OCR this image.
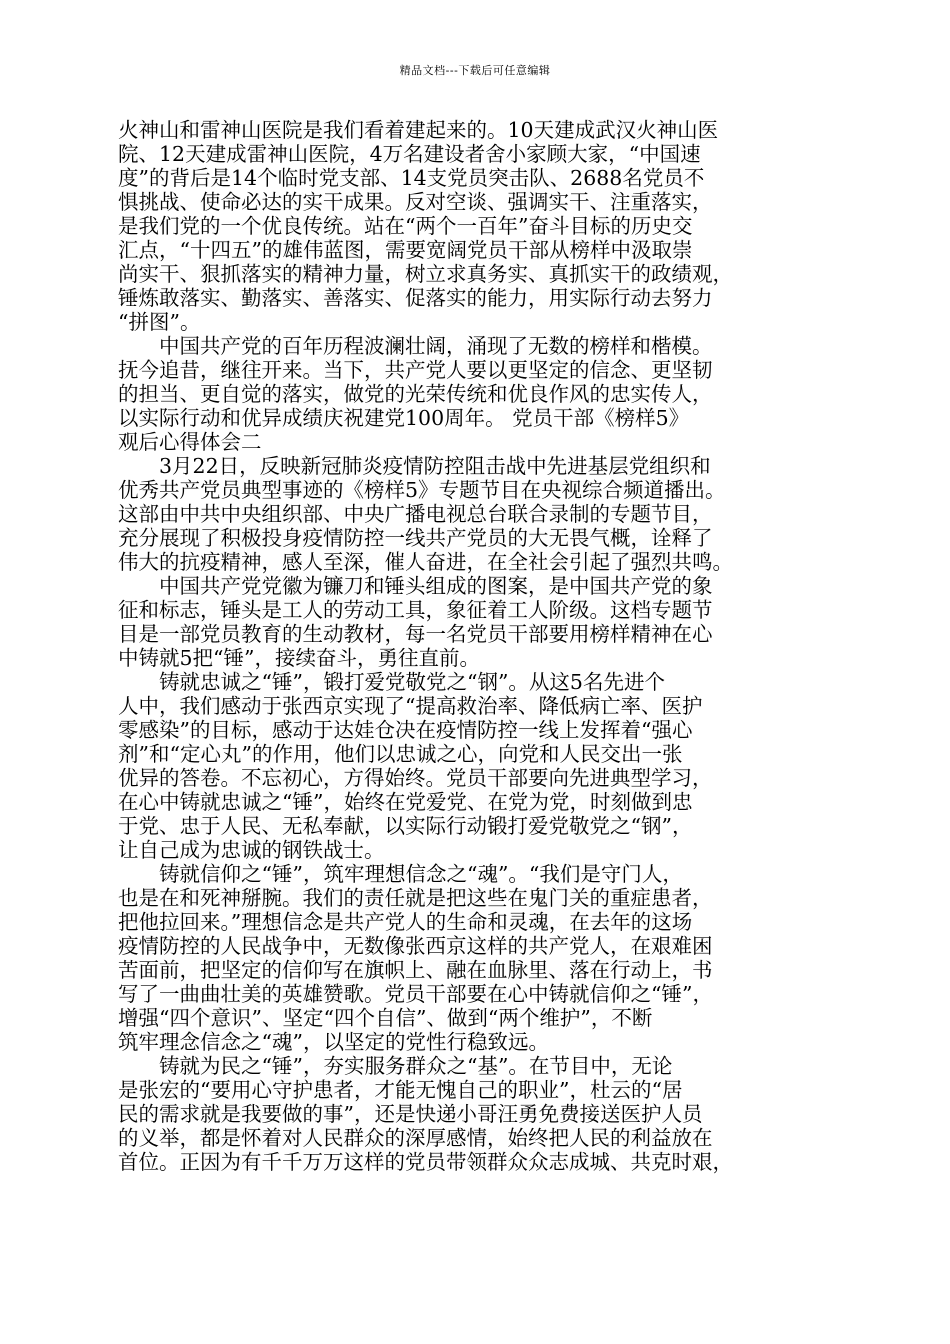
精品文档---下载后可任意编辑
火神山和雷神山医院是我们看着建起来的。10天建成武汉火神山医
院、12天建成雷神山医院，4万名建设者舍小家顾大家，“中国速
度”的背后是14个临时党支部、14支党员突击队、2688名党员不
惧挑战、使命必达的实干成果。反对空谈、强调实干、注重落实，
是我们党的一个优良传统。站在“两个一百年”奋斗目标的历史交
汇点，“十四五”的雄伟蓝图，需要宽阔党员干部从榜样中汲取崇
尚实干、狠抓落实的精神力量，树立求真务实、真抓实干的政绩观，
锤炼敢落实、勤落实、善落实、促落实的能力，用实际行动去努力
“拼图”。
中国共产党的百年历程波澜壮阔，涌现了无数的榜样和楷模。
抚今追昔，继往开来。当下，共产党人要以更坚定的信念、更坚韧
的担当、更自觉的落实，做党的光荣传统和优良作风的忠实传人，
以实际行动和优异成绩庆祝建党100周年。 党员干部《榜样5》
观后心得体会二
3月22日，反映新冠肺炎疫情防控阻击战中先进基层党组织和
优秀共产党员典型事迹的《榜样5》专题节目在央视综合频道播出。
这部由中共中央组织部、中央广播电视总台联合录制的专题节目，
充分展现了积极投身疫情防控一线共产党员的大无畏气概，诠释了
伟大的抗疫精神，感人至深，催人奋进，在全社会引起了强烈共鸣。
中国共产党党徽为镰刀和锤头组成的图案，是中国共产党的象
征和标志，锤头是工人的劳动工具，象征着工人阶级。这档专题节
目是一部党员教育的生动教材，每一名党员干部要用榜样精神在心
中铸就5把“锤”，接续奋斗，勇往直前。
铸就忠诚之“锤”，锻打爱党敬党之“钢”。从这5名先进个
人中，我们感动于张西京实现了“提高救治率、降低病亡率、医护
零感染”的目标，感动于达娃仓决在疫情防控一线上发挥着“强心
剂”和“定心丸”的作用，他们以忠诚之心，向党和人民交出一张
优异的答卷。不忘初心，方得始终。党员干部要向先进典型学习，
在心中铸就忠诚之“锤”，始终在党爱党、在党为党，时刻做到忠
于党、忠于人民、无私奉献，以实际行动锻打爱党敬党之“钢”，
让自己成为忠诚的钢铁战士。
铸就信仰之“锤”，筑牢理想信念之“魂”。“我们是守门人，
也是在和死神掰腕。我们的责任就是把这些在鬼门关的重症患者，
把他拉回来。”理想信念是共产党人的生命和灵魂，在去年的这场
疫情防控的人民战争中，无数像张西京这样的共产党人，在艰难困
苦面前，把坚定的信仰写在旗帜上、融在血脉里、落在行动上，书
写了一曲曲壮美的英雄赞歌。党员干部要在心中铸就信仰之“锤”，
增强“四个意识”、坚定“四个自信”、做到“两个维护”，不断
筑牢理念信念之“魂”，以坚定的党性行稳致远。
铸就为民之“锤”，夯实服务群众之“基”。在节目中，无论
是张宏的“要用心守护患者，才能无愧自己的职业”，杜云的“居
民的需求就是我要做的事”，还是快递小哥汪勇免费接送医护人员
的义举，都是怀着对人民群众的深厚感情，始终把人民的利益放在
首位。正因为有千千万万这样的党员带领群众众志成城、共克时艰，
